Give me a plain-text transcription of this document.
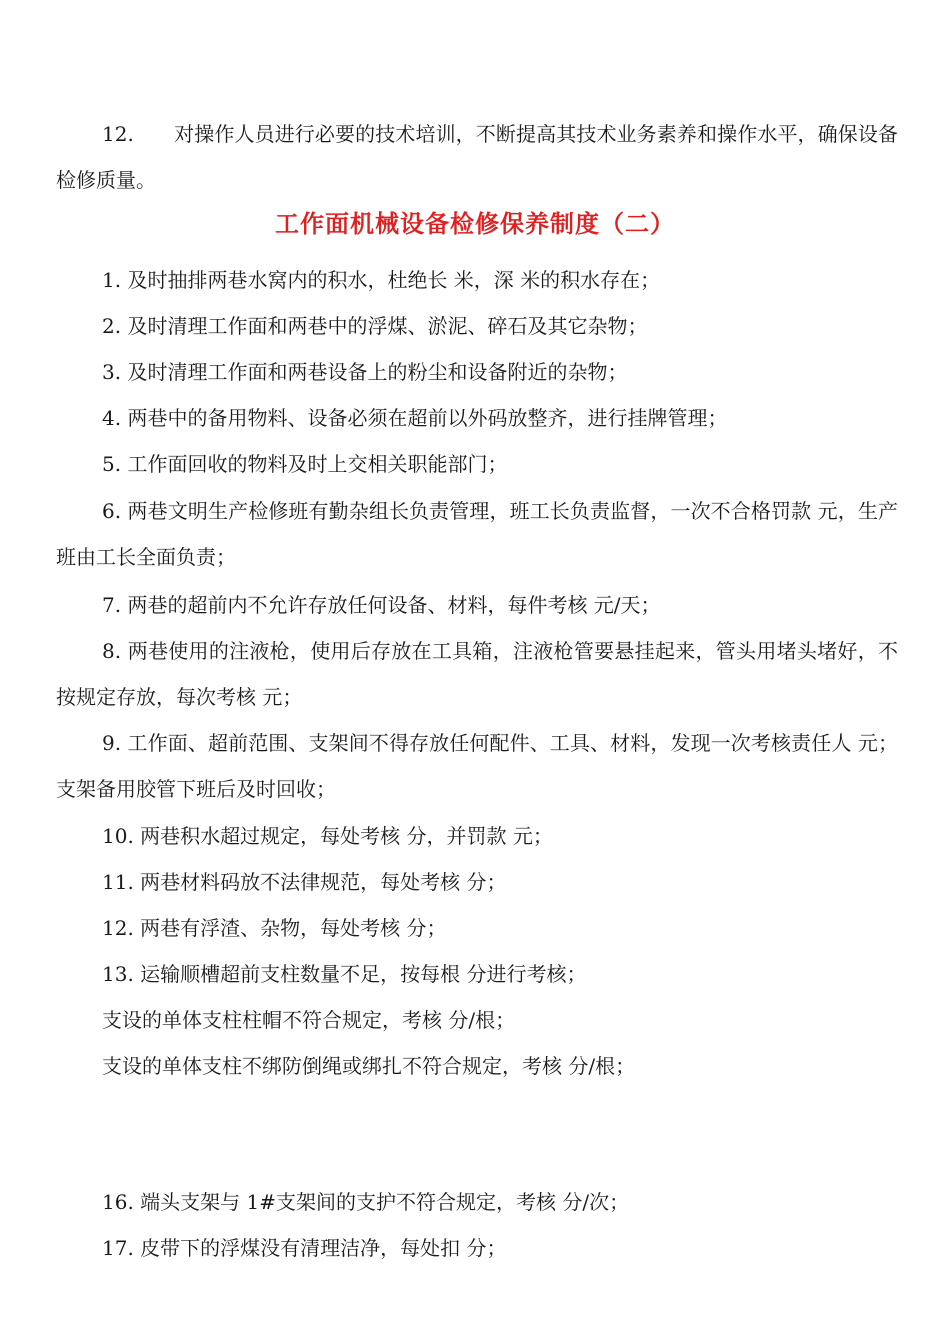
12.　　对操作人员进行必要的技术培训，不断提高其技术业务素养和操作水平，确保设备检修质量。

工作面机械设备检修保养制度（二）

1. 及时抽排两巷水窝内的积水，杜绝长 米，深 米的积水存在；

2. 及时清理工作面和两巷中的浮煤、淤泥、碎石及其它杂物；

3. 及时清理工作面和两巷设备上的粉尘和设备附近的杂物；

4. 两巷中的备用物料、设备必须在超前以外码放整齐，进行挂牌管理；

5. 工作面回收的物料及时上交相关职能部门；

6. 两巷文明生产检修班有勤杂组长负责管理，班工长负责监督，一次不合格罚款 元，生产班由工长全面负责；

7. 两巷的超前内不允许存放任何设备、材料，每件考核 元/天；

8. 两巷使用的注液枪，使用后存放在工具箱，注液枪管要悬挂起来，管头用堵头堵好，不按规定存放，每次考核 元；

9. 工作面、超前范围、支架间不得存放任何配件、工具、材料，发现一次考核责任人 元；支架备用胶管下班后及时回收；

10. 两巷积水超过规定，每处考核 分，并罚款 元；

11. 两巷材料码放不法律规范，每处考核 分；

12. 两巷有浮渣、杂物，每处考核 分；

13. 运输顺槽超前支柱数量不足，按每根 分进行考核；

支设的单体支柱柱帽不符合规定，考核 分/根；

支设的单体支柱不绑防倒绳或绑扎不符合规定，考核 分/根；

16. 端头支架与 1#支架间的支护不符合规定，考核 分/次；

17. 皮带下的浮煤没有清理洁净，每处扣 分；
